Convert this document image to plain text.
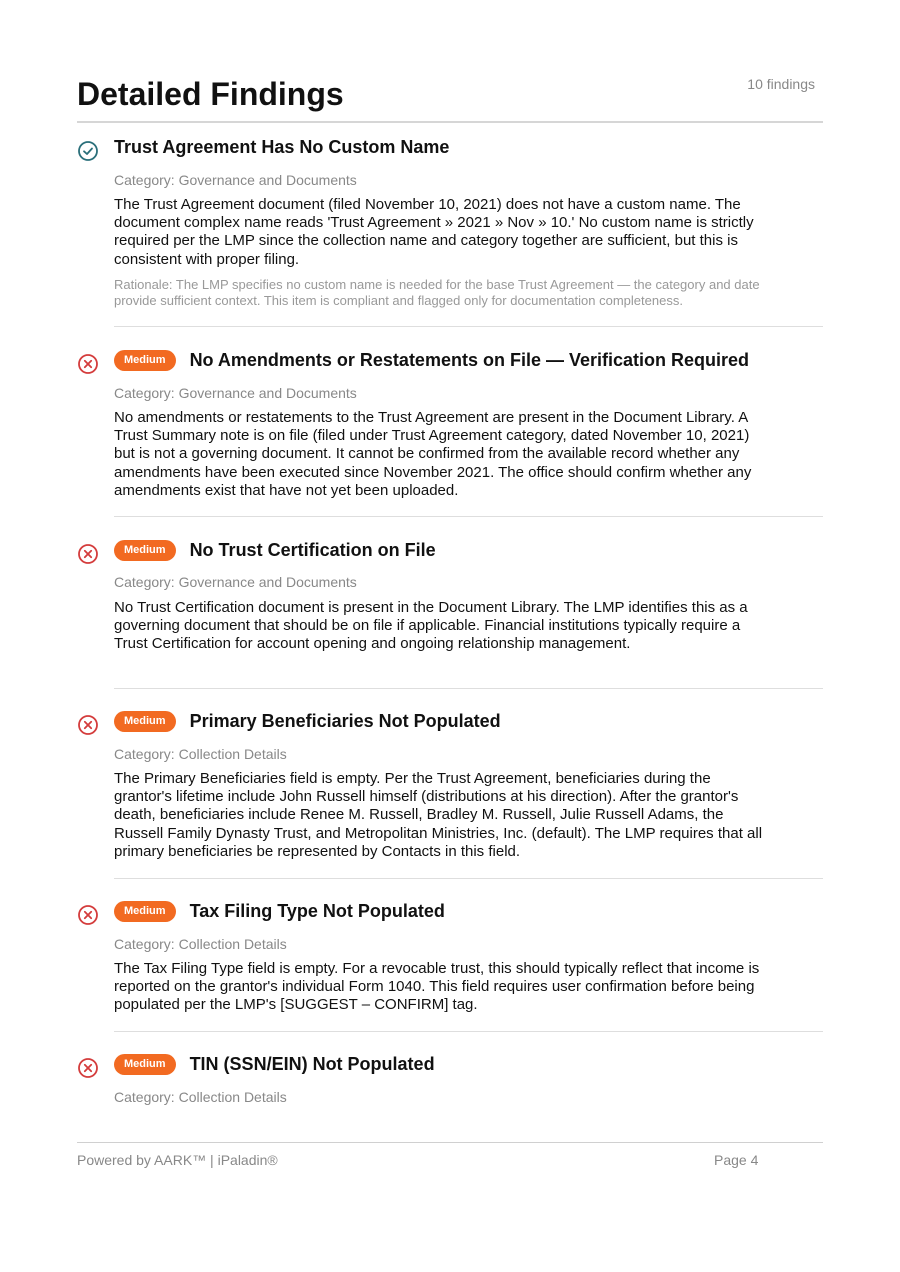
Detailed Findings	10 findings
Trust Agreement Has No Custom Name
Category: Governance and Documents
The Trust Agreement document (filed November 10, 2021) does not have a custom name. The document complex name reads 'Trust Agreement » 2021 » Nov » 10.' No custom name is strictly required per the LMP since the collection name and category together are sufficient, but this is consistent with proper filing.
Rationale: The LMP specifies no custom name is needed for the base Trust Agreement — the category and date provide sufficient context. This item is compliant and flagged only for documentation completeness.
Medium	No Amendments or Restatements on File — Verification Required
Category: Governance and Documents
No amendments or restatements to the Trust Agreement are present in the Document Library. A Trust Summary note is on file (filed under Trust Agreement category, dated November 10, 2021) but is not a governing document. It cannot be confirmed from the available record whether any amendments have been executed since November 2021. The office should confirm whether any amendments exist that have not yet been uploaded.
Medium	No Trust Certification on File
Category: Governance and Documents
No Trust Certification document is present in the Document Library. The LMP identifies this as a governing document that should be on file if applicable. Financial institutions typically require a Trust Certification for account opening and ongoing relationship management.
Medium	Primary Beneficiaries Not Populated
Category: Collection Details
The Primary Beneficiaries field is empty. Per the Trust Agreement, beneficiaries during the grantor's lifetime include John Russell himself (distributions at his direction). After the grantor's death, beneficiaries include Renee M. Russell, Bradley M. Russell, Julie Russell Adams, the Russell Family Dynasty Trust, and Metropolitan Ministries, Inc. (default). The LMP requires that all primary beneficiaries be represented by Contacts in this field.
Medium	Tax Filing Type Not Populated
Category: Collection Details
The Tax Filing Type field is empty. For a revocable trust, this should typically reflect that income is reported on the grantor's individual Form 1040. This field requires user confirmation before being populated per the LMP's [SUGGEST – CONFIRM] tag.
Medium	TIN (SSN/EIN) Not Populated
Category: Collection Details
Powered by AARK™ | iPaladin®	Page 4
